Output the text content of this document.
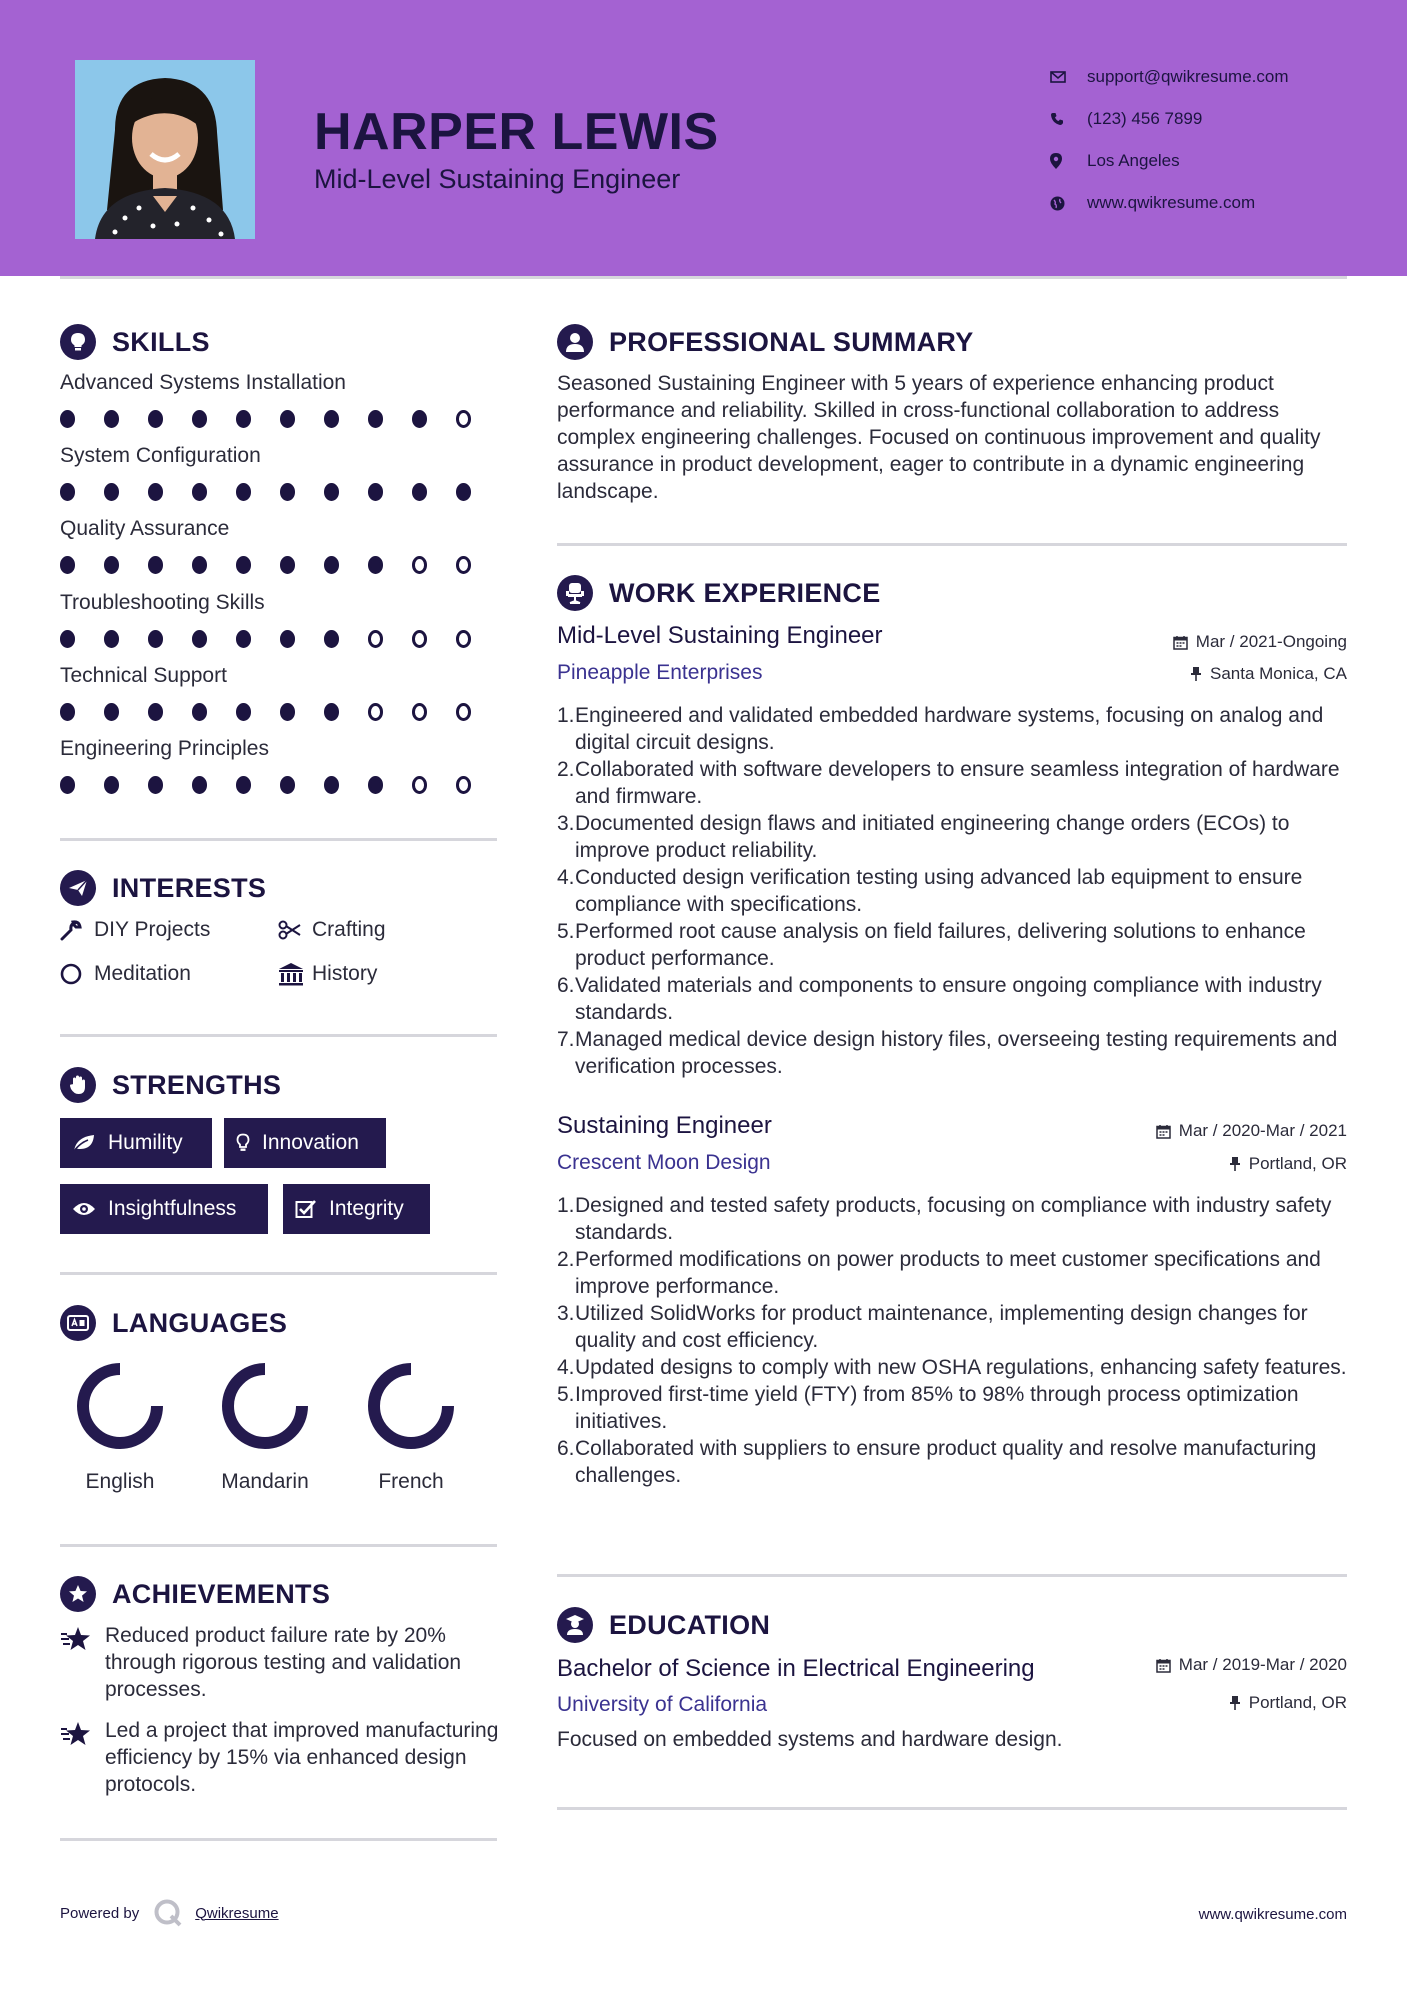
HARPER LEWIS
Mid-Level Sustaining Engineer
support@qwikresume.com
(123) 456 7899
Los Angeles
www.qwikresume.com
SKILLS
Advanced Systems Installation
System Configuration
Quality Assurance
Troubleshooting Skills
Technical Support
Engineering Principles
INTERESTS
DIY Projects	Crafting
Meditation	History
STRENGTHS
Humility	Innovation
Insightfulness	Integrity
LANGUAGES
English	Mandarin	French
ACHIEVEMENTS
Reduced product failure rate by 20% through rigorous testing and validation processes.
Led a project that improved manufacturing efficiency by 15% via enhanced design protocols.
PROFESSIONAL SUMMARY
Seasoned Sustaining Engineer with 5 years of experience enhancing product performance and reliability. Skilled in cross-functional collaboration to address complex engineering challenges. Focused on continuous improvement and quality assurance in product development, eager to contribute in a dynamic engineering landscape.
WORK EXPERIENCE
Mid-Level Sustaining Engineer	Mar / 2021-Ongoing
Pineapple Enterprises	Santa Monica, CA
1. Engineered and validated embedded hardware systems, focusing on analog and digital circuit designs.
2. Collaborated with software developers to ensure seamless integration of hardware and firmware.
3. Documented design flaws and initiated engineering change orders (ECOs) to improve product reliability.
4. Conducted design verification testing using advanced lab equipment to ensure compliance with specifications.
5. Performed root cause analysis on field failures, delivering solutions to enhance product performance.
6. Validated materials and components to ensure ongoing compliance with industry standards.
7. Managed medical device design history files, overseeing testing requirements and verification processes.
Sustaining Engineer	Mar / 2020-Mar / 2021
Crescent Moon Design	Portland, OR
1. Designed and tested safety products, focusing on compliance with industry safety standards.
2. Performed modifications on power products to meet customer specifications and improve performance.
3. Utilized SolidWorks for product maintenance, implementing design changes for quality and cost efficiency.
4. Updated designs to comply with new OSHA regulations, enhancing safety features.
5. Improved first-time yield (FTY) from 85% to 98% through process optimization initiatives.
6. Collaborated with suppliers to ensure product quality and resolve manufacturing challenges.
EDUCATION
Bachelor of Science in Electrical Engineering	Mar / 2019-Mar / 2020
University of California	Portland, OR
Focused on embedded systems and hardware design.
Powered by	Qwikresume	www.qwikresume.com
